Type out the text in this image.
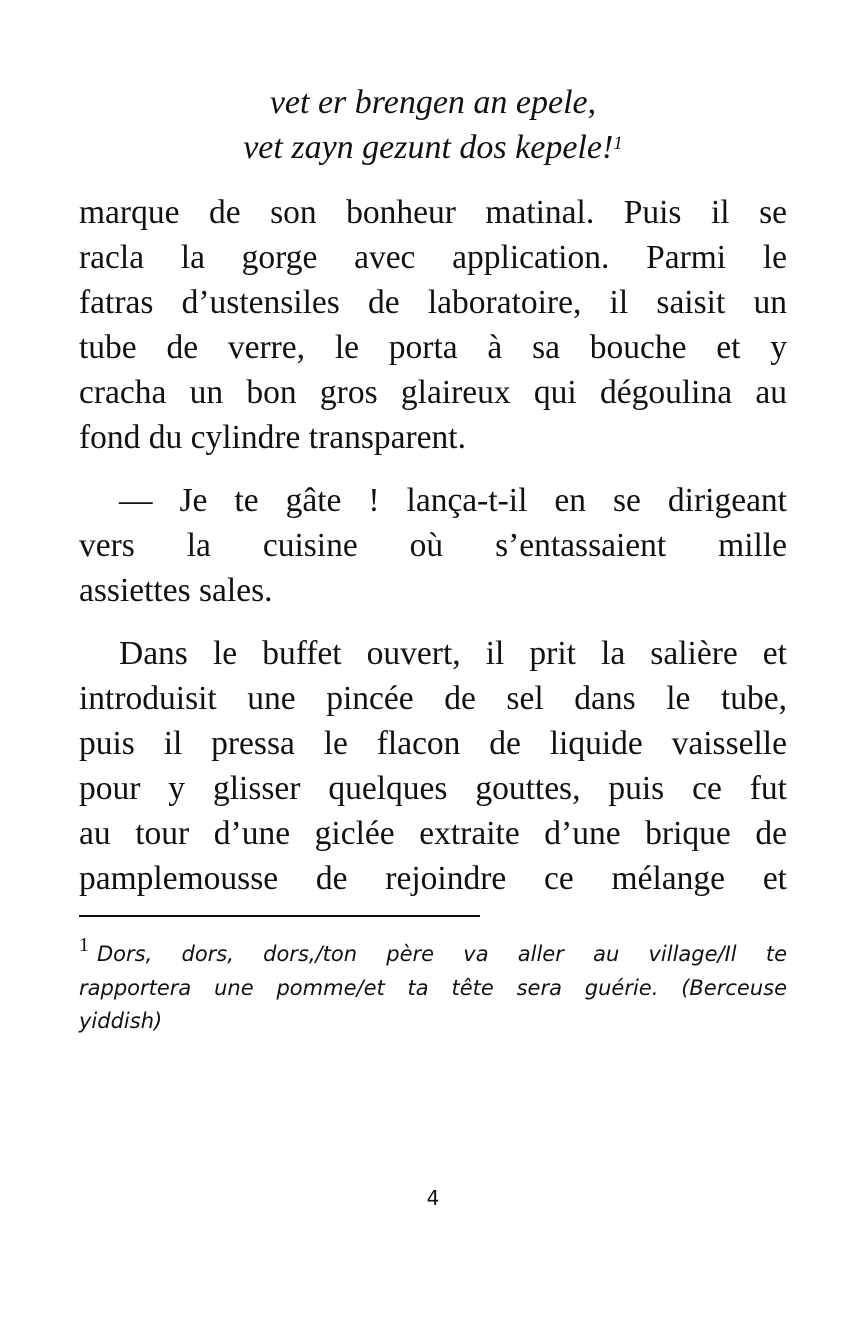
vet er brengen an epele,
vet zayn gezunt dos kepele!$^1$
marque de son bonheur matinal. Puis il se
racla la gorge avec application. Parmi le
fatras d’ustensiles de laboratoire, il saisit un
tube de verre, le porta à sa bouche et y
cracha un bon gros glaireux qui dégoulina au
fond du cylindre transparent.
— Je te gâte ! lança-t-il en se dirigeant
vers la cuisine où s’entassaient mille
assiettes sales.
Dans le buffet ouvert, il prit la salière et
introduisit une pincée de sel dans le tube,
puis il pressa le flacon de liquide vaisselle
pour y glisser quelques gouttes, puis ce fut
au tour d’une giclée extraite d’une brique de
pamplemousse de rejoindre ce mélange et
1 Dors, dors, dors,/ton père va aller au village/Il te
rapportera une pomme/et ta tête sera guérie. (Berceuse
yiddish)
4
